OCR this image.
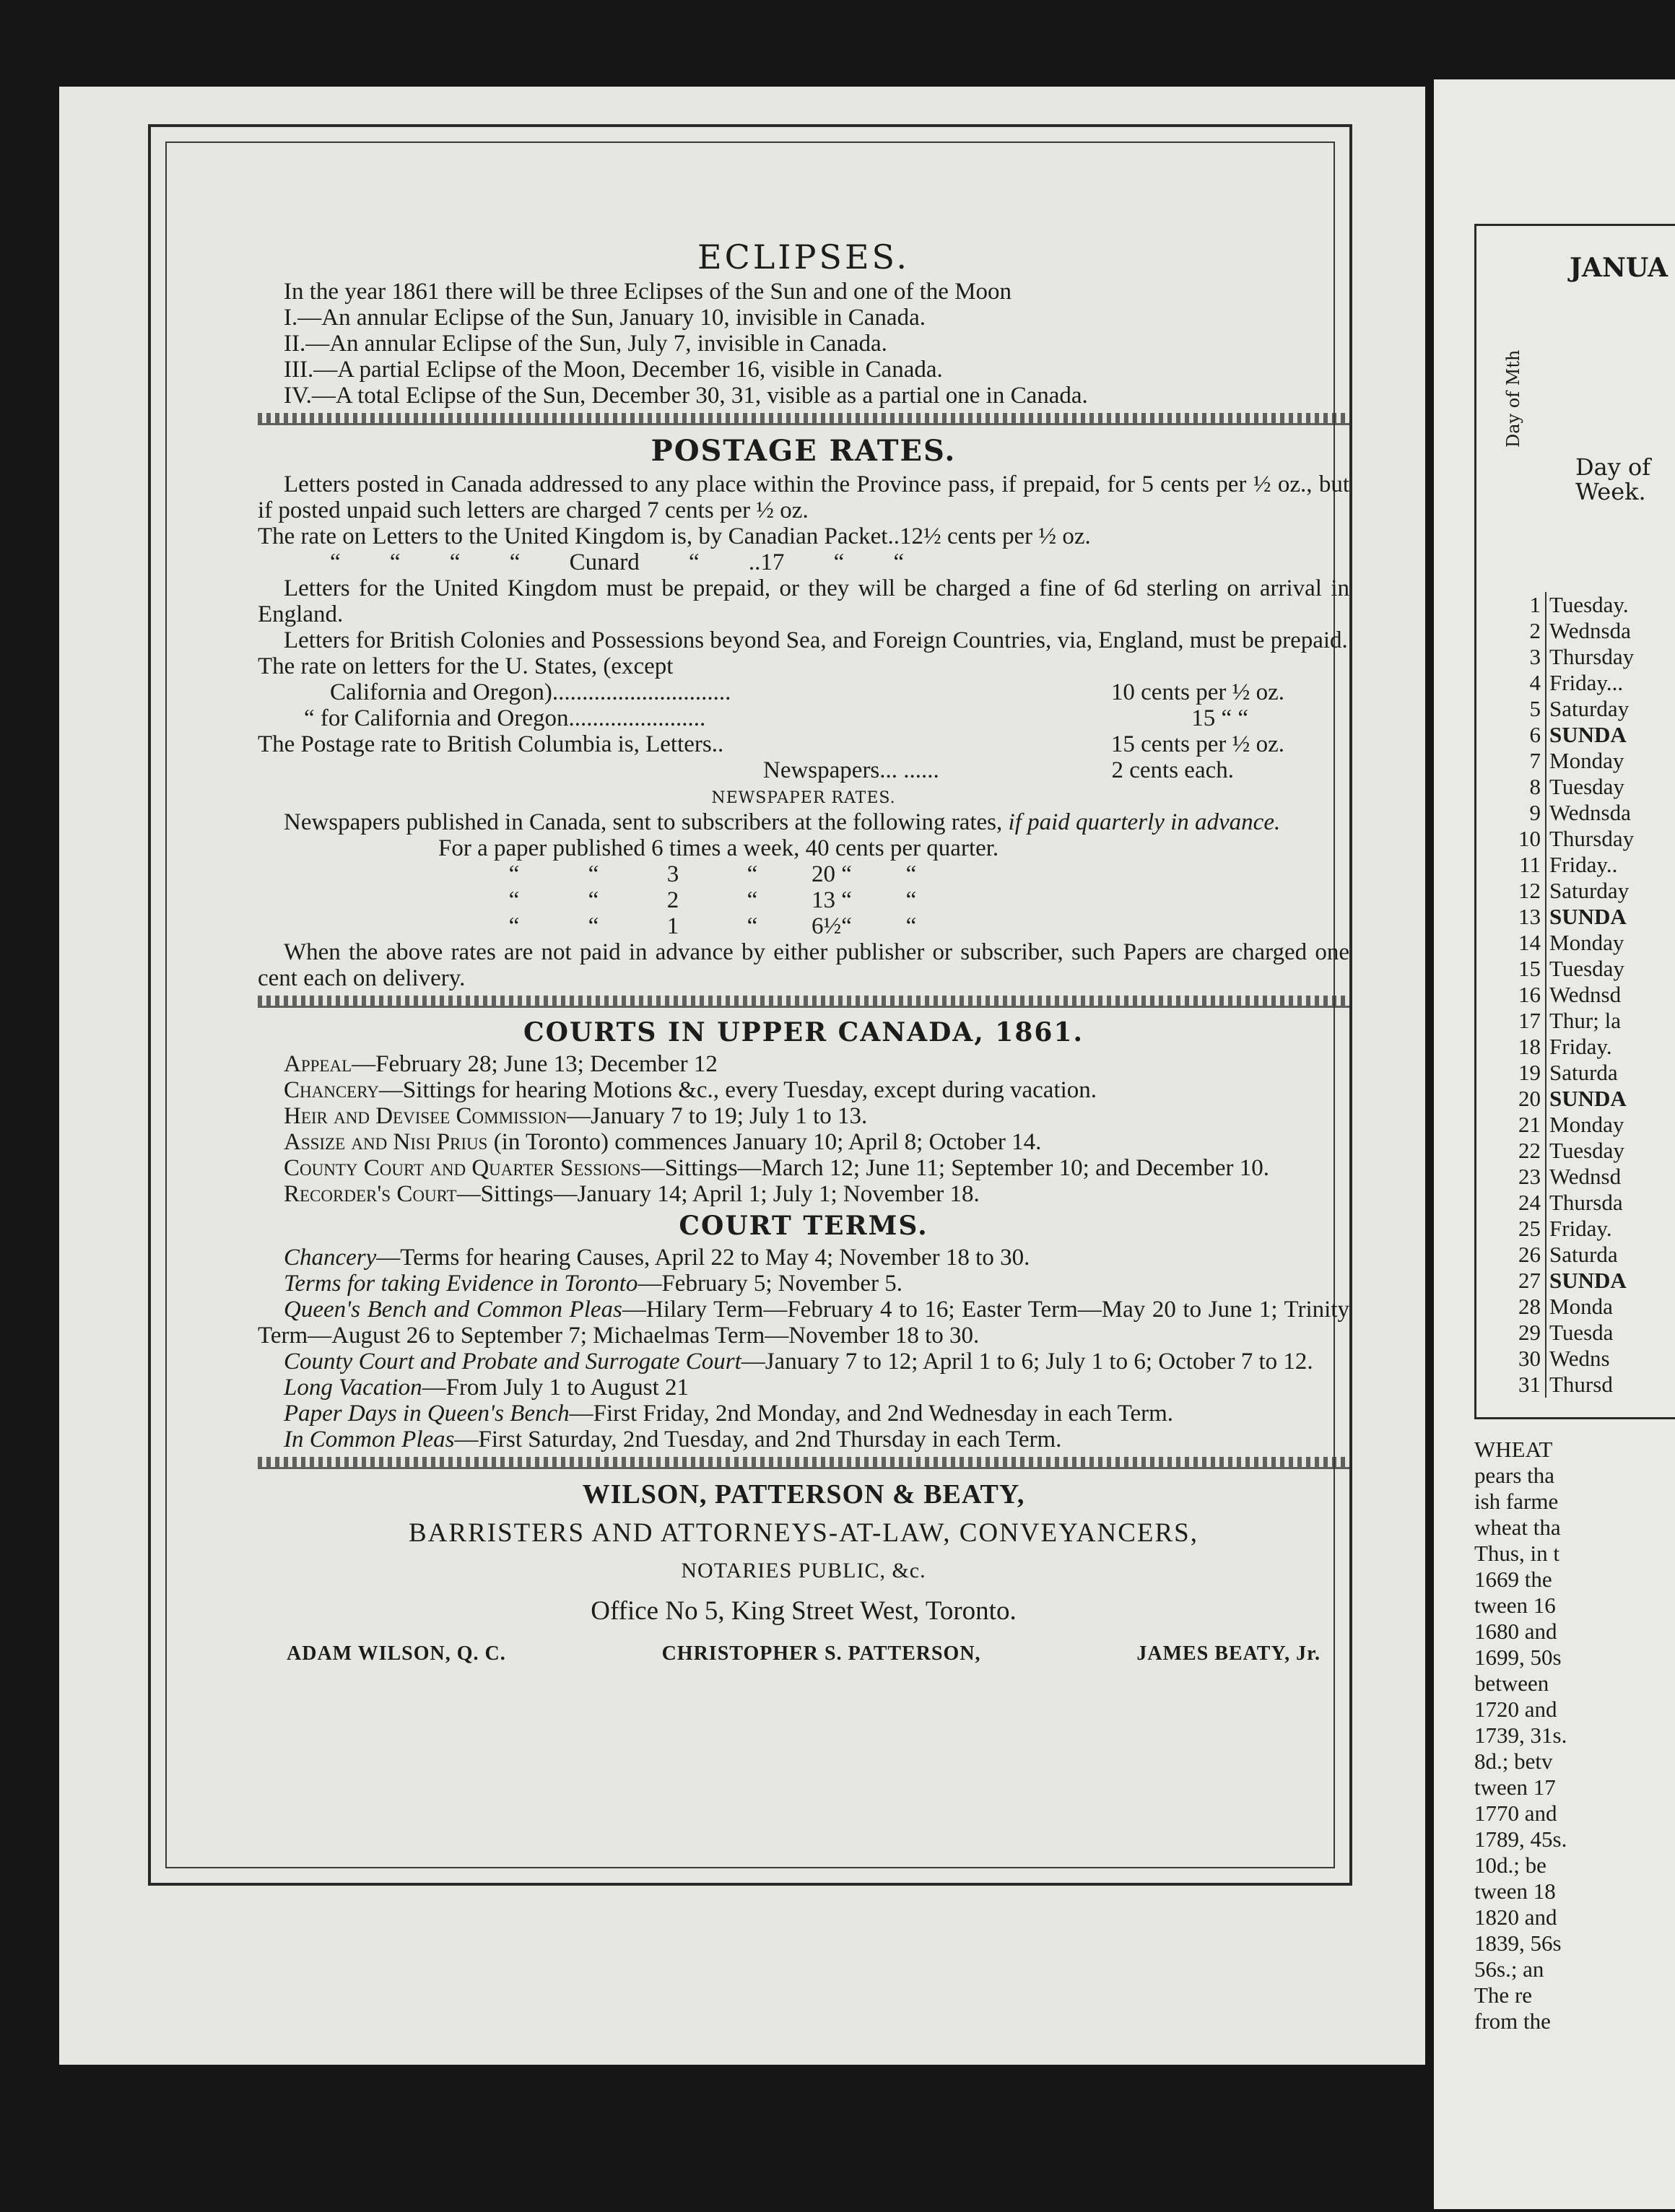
ECLIPSES.

In the year 1861 there will be three Eclipses of the Sun and one of the Moon

I.—An annular Eclipse of the Sun, January 10, invisible in Canada.

II.—An annular Eclipse of the Sun, July 7, invisible in Canada.

III.—A partial Eclipse of the Moon, December 16, visible in Canada.

IV.—A total Eclipse of the Sun, December 30, 31, visible as a partial one in Canada.

POSTAGE RATES.

Letters posted in Canada addressed to any place within the Province pass, if prepaid, for 5 cents per ½ oz., but if posted unpaid such letters are charged 7 cents per ½ oz.

The rate on Letters to the United Kingdom is, by Canadian Packet..12½ cents per ½ oz.

“ “ “ “ Cunard “ ..17 “ “

Letters for the United Kingdom must be prepaid, or they will be charged a fine of 6d sterling on arrival in England.

Letters for British Colonies and Possessions beyond Sea, and Foreign Countries, via, England, must be prepaid.

The rate on letters for the U. States, (except

California and Oregon)..............................	10 cents per ½ oz.
“ for California and Oregon.......................	15 “ “
The Postage rate to British Columbia is, Letters..	15 cents per ½ oz.
Newspapers... ......	2 cents each.
NEWSPAPER RATES.

Newspapers published in Canada, sent to subscribers at the following rates, if paid quarterly in advance.

For a paper published 6 times a week, 40 cents per quarter.

“	“	3	“	20 “	“
“	“	2	“	13 “	“
“	“	1	“	6½“	“

When the above rates are not paid in advance by either publisher or subscriber, such Papers are charged one cent each on delivery.

COURTS IN UPPER CANADA, 1861.

Appeal—February 28; June 13; December 12

Chancery—Sittings for hearing Motions &c., every Tuesday, except during vacation.

Heir and Devisee Commission—January 7 to 19; July 1 to 13.

Assize and Nisi Prius (in Toronto) commences January 10; April 8; October 14.

County Court and Quarter Sessions—Sittings—March 12; June 11; September 10; and December 10.

Recorder's Court—Sittings—January 14; April 1; July 1; November 18.

COURT TERMS.

Chancery—Terms for hearing Causes, April 22 to May 4; November 18 to 30.

Terms for taking Evidence in Toronto—February 5; November 5.

Queen's Bench and Common Pleas—Hilary Term—February 4 to 16; Easter Term—May 20 to June 1; Trinity Term—August 26 to September 7; Michaelmas Term—November 18 to 30.

County Court and Probate and Surrogate Court—January 7 to 12; April 1 to 6; July 1 to 6; October 7 to 12.

Long Vacation—From July 1 to August 21

Paper Days in Queen's Bench—First Friday, 2nd Monday, and 2nd Wednesday in each Term.

In Common Pleas—First Saturday, 2nd Tuesday, and 2nd Thursday in each Term.

WILSON, PATTERSON & BEATY,
BARRISTERS AND ATTORNEYS-AT-LAW, CONVEYANCERS,
NOTARIES PUBLIC, &c.
Office No 5, King Street West, Toronto.
ADAM WILSON, Q. C.	CHRISTOPHER S. PATTERSON,	JAMES BEATY, Jr.
JANUA
Day of Mth
Day of Week.
1 Tuesday.
2 Wednsda
3 Thursday
4 Friday...
5 Saturday
6 SUNDA
7 Monday
8 Tuesday
9 Wednsda
10 Thursday
11 Friday..
12 Saturday
13 SUNDA
14 Monday
15 Tuesday
16 Wednsd
17 Thur; la
18 Friday.
19 Saturda
20 SUNDA
21 Monday
22 Tuesday
23 Wednsd
24 Thursda
25 Friday.
26 Saturda
27 SUNDA
28 Monda
29 Tuesda
30 Wedns
31 Thursd
WHEAT
pears tha
ish farme
wheat tha
Thus, in t
1669 the
tween 16
1680 and
1699, 50s
between
1720 and
1739, 31s.
8d.; betv
tween 17
1770 and
1789, 45s.
10d.; be
tween 18
1820 and
1839, 56s
56s.; an
The re
from the
